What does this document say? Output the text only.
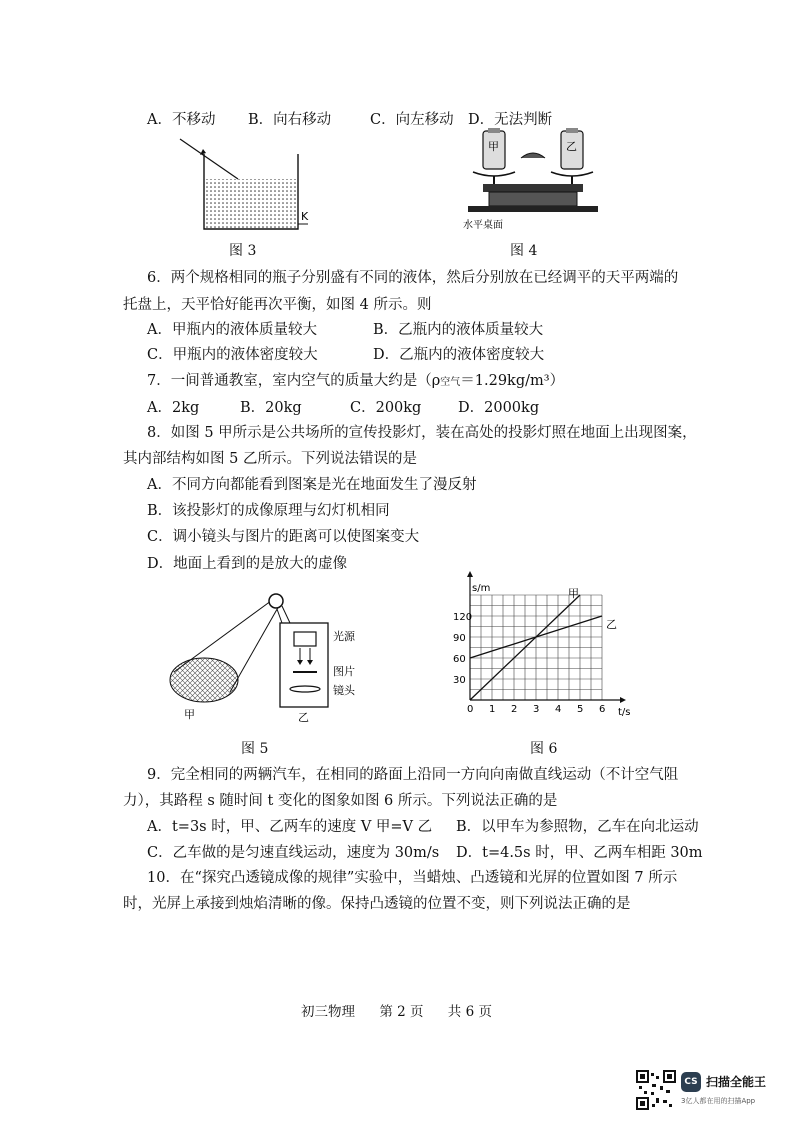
A．不移动 B．向右移动	C．向左移动 D．无法判断
K
图 3
甲	乙
水平桌面
图 4
6．两个规格相同的瓶子分别盛有不同的液体，然后分别放在已经调平的天平两端的
托盘上，天平恰好能再次平衡，如图 4 所示。则
A．甲瓶内的液体质量较大	B．乙瓶内的液体质量较大
C．甲瓶内的液体密度较大	D．乙瓶内的液体密度较大
7．一间普通教室，室内空气的质量大约是（ρ空气＝1.29kg/m³）
A．2kg	B．20kg	C．200kg	D．2000kg
8．如图 5 甲所示是公共场所的宣传投影灯，装在高处的投影灯照在地面上出现图案，
其内部结构如图 5 乙所示。下列说法错误的是
A．不同方向都能看到图案是光在地面发生了漫反射
B．该投影灯的成像原理与幻灯机相同
C．调小镜头与图片的距离可以使图案变大
D．地面上看到的是放大的虚像
甲
光源
图片
镜头
乙
图 5
0 1 2 3 4 5 6
30
60
90
120
s/m
t/s
甲
乙
图 6
9．完全相同的两辆汽车，在相同的路面上沿同一方向向南做直线运动（不计空气阻
力），其路程 s 随时间 t 变化的图象如图 6 所示。下列说法正确的是
A．t=3s 时，甲、乙两车的速度 V 甲=V 乙 B．以甲车为参照物，乙车在向北运动
C．乙车做的是匀速直线运动，速度为 30m/s D．t=4.5s 时，甲、乙两车相距 30m
10．在“探究凸透镜成像的规律”实验中，当蜡烛、凸透镜和光屏的位置如图 7 所示
时，光屏上承接到烛焰清晰的像。保持凸透镜的位置不变，则下列说法正确的是
初三物理 第 2 页 共 6 页
CS 扫描全能王
3亿人都在用的扫描App
